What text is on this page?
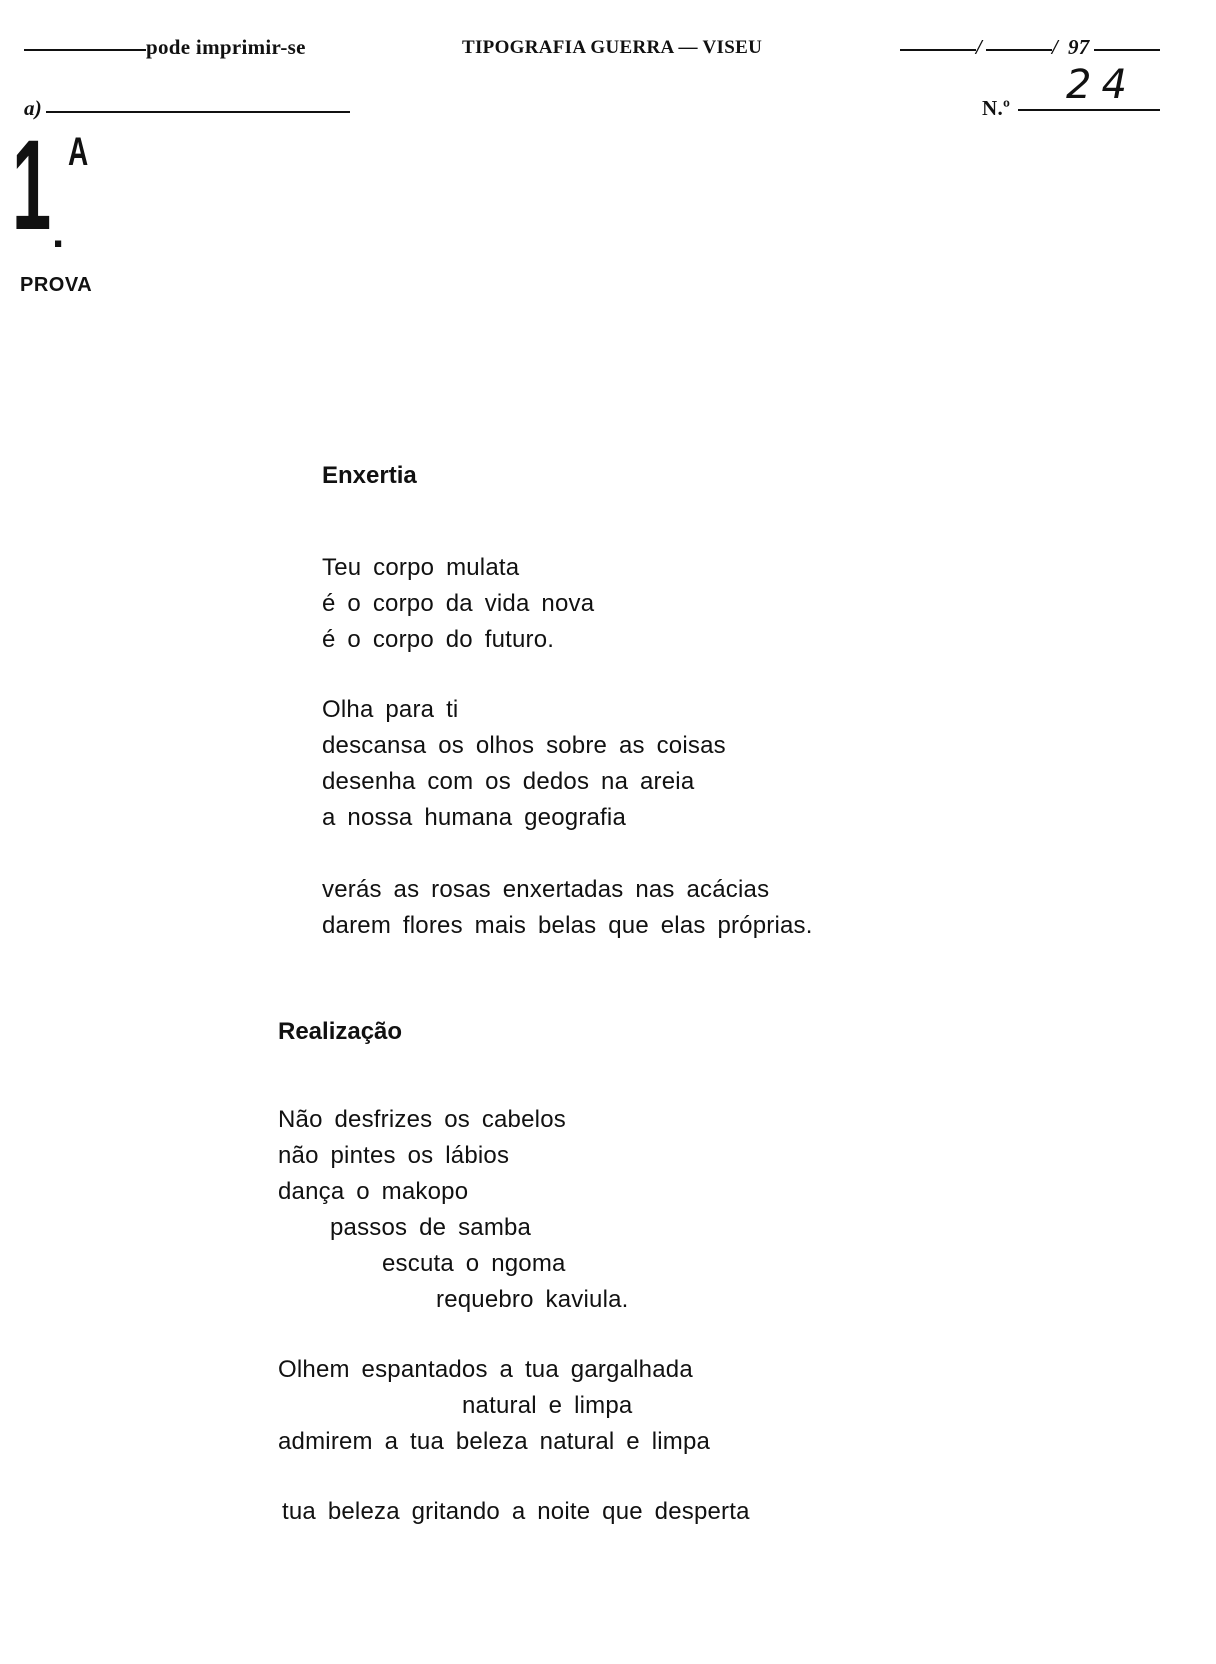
pode imprimir-se	TIPOGRAFIA GUERRA — VISEU	/	/ 97
a)	N.º 24
1 A
.
PROVA
Enxertia
Teu corpo mulata
é o corpo da vida nova
é o corpo do futuro.
Olha para ti
descansa os olhos sobre as coisas
desenha com os dedos na areia
a nossa humana geografia
verás as rosas enxertadas nas acácias
darem flores mais belas que elas próprias.
Realização
Não desfrizes os cabelos
não pintes os lábios
dança o makopo
passos de samba
escuta o ngoma
requebro kaviula.
Olhem espantados a tua gargalhada
natural e limpa
admirem a tua beleza natural e limpa
tua beleza gritando a noite que desperta
